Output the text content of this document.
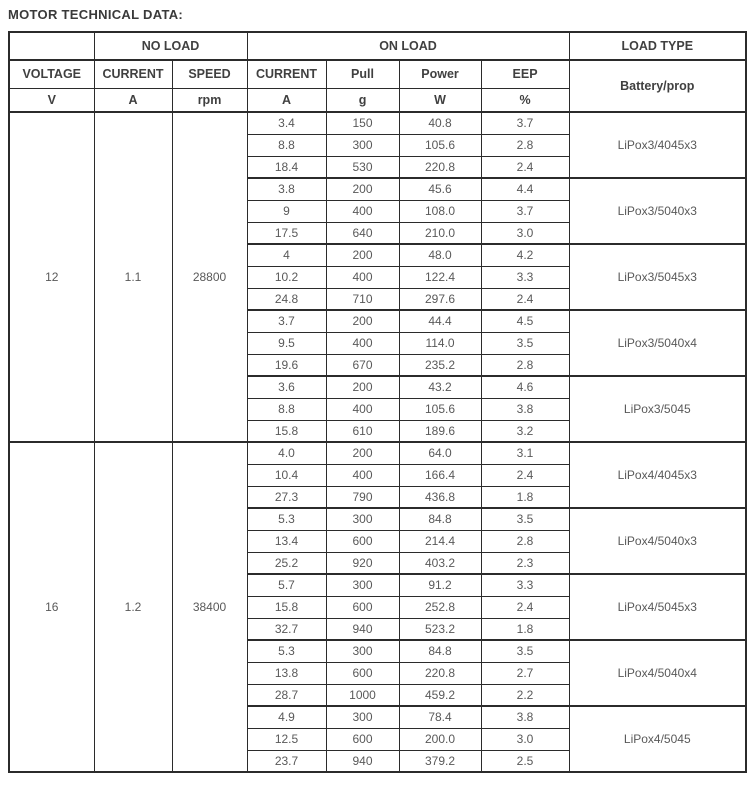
MOTOR TECHNICAL DATA:
	NO LOAD		ON LOAD				LOAD TYPE
VOLTAGE	CURRENT	SPEED	CURRENT	Pull	Power	EEP	Battery/prop
V	A	rpm	A	g	W	%	
12	1.1	28800	3.4	150	40.8	3.7	LiPox3/4045x3
			8.8	300	105.6	2.8	
			18.4	530	220.8	2.4	
			3.8	200	45.6	4.4	LiPox3/5040x3
			9	400	108.0	3.7	
			17.5	640	210.0	3.0	
			4	200	48.0	4.2	LiPox3/5045x3
			10.2	400	122.4	3.3	
			24.8	710	297.6	2.4	
			3.7	200	44.4	4.5	LiPox3/5040x4
			9.5	400	114.0	3.5	
			19.6	670	235.2	2.8	
			3.6	200	43.2	4.6	LiPox3/5045
			8.8	400	105.6	3.8	
			15.8	610	189.6	3.2	
16	1.2	38400	4.0	200	64.0	3.1	LiPox4/4045x3
			10.4	400	166.4	2.4	
			27.3	790	436.8	1.8	
			5.3	300	84.8	3.5	LiPox4/5040x3
			13.4	600	214.4	2.8	
			25.2	920	403.2	2.3	
			5.7	300	91.2	3.3	LiPox4/5045x3
			15.8	600	252.8	2.4	
			32.7	940	523.2	1.8	
			5.3	300	84.8	3.5	LiPox4/5040x4
			13.8	600	220.8	2.7	
			28.7	1000	459.2	2.2	
			4.9	300	78.4	3.8	LiPox4/5045
			12.5	600	200.0	3.0	
			23.7	940	379.2	2.5	
